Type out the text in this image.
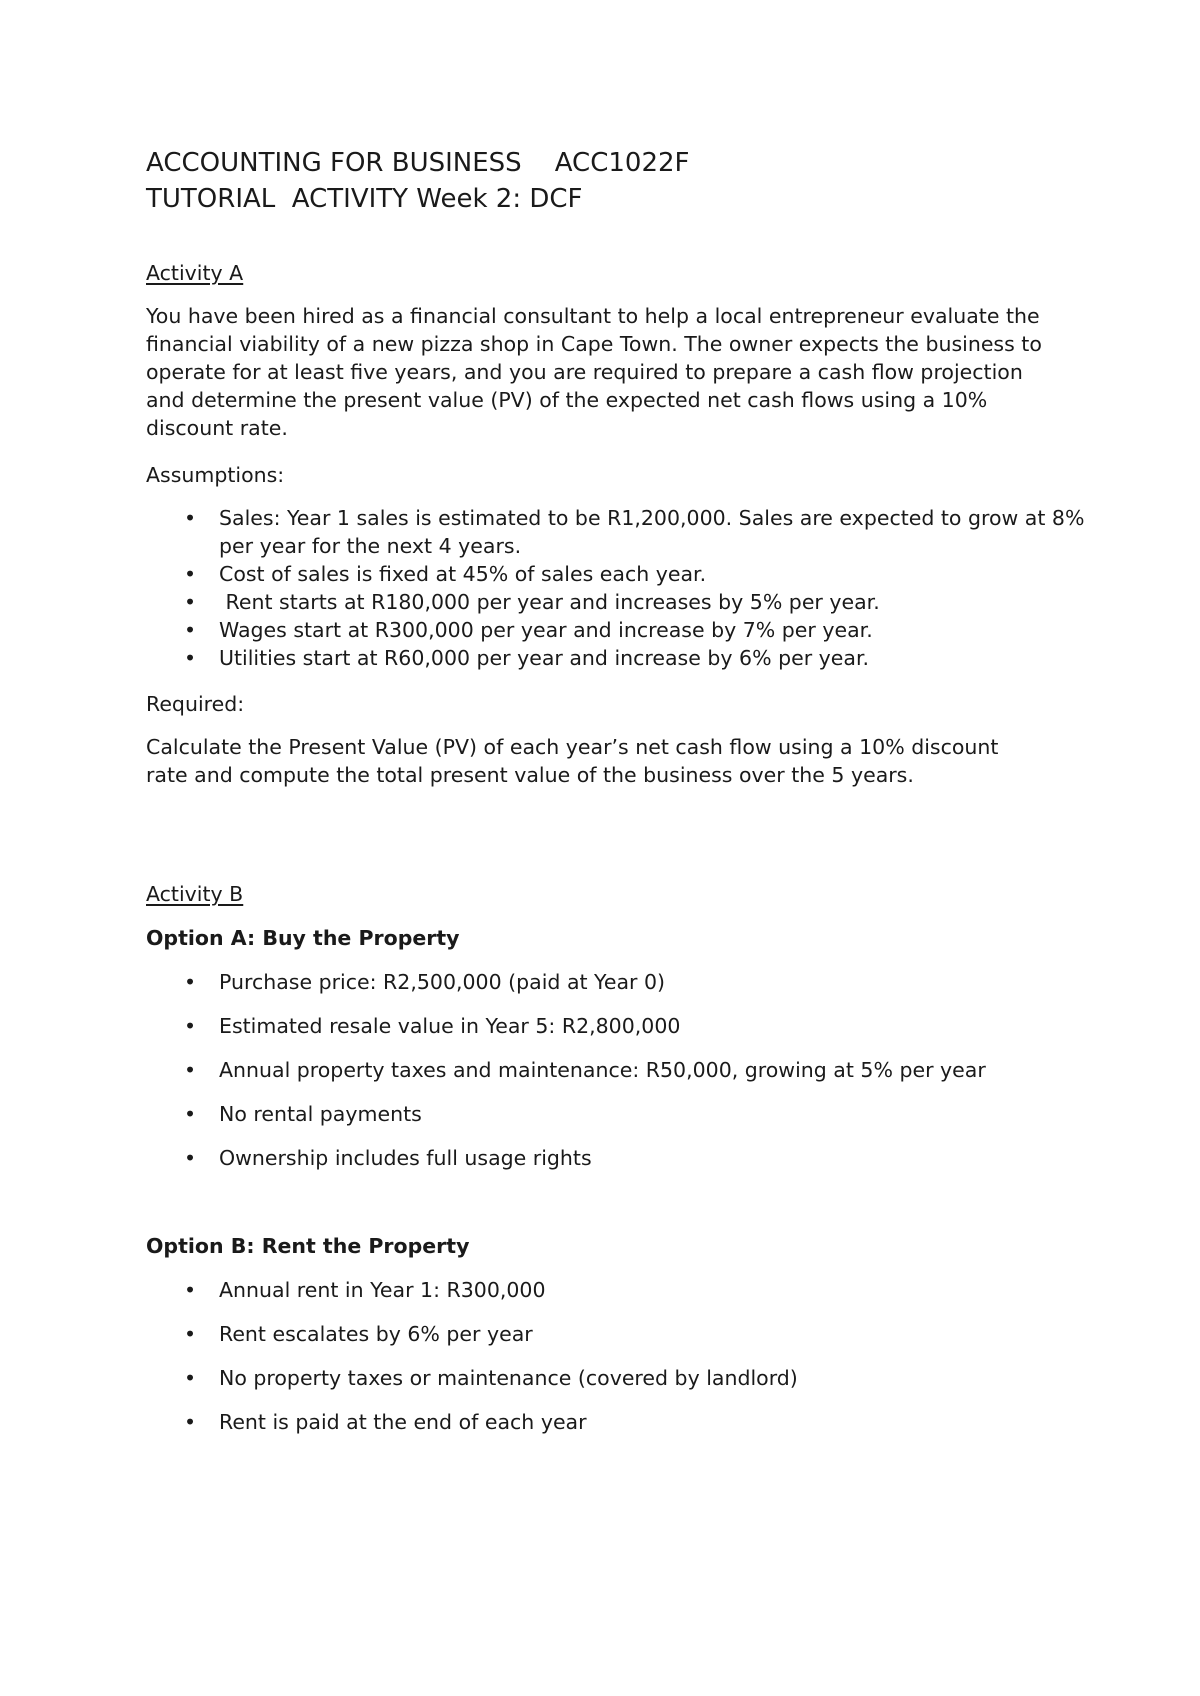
ACCOUNTING FOR BUSINESS    ACC1022F
TUTORIAL  ACTIVITY Week 2: DCF
Activity A
You have been hired as a financial consultant to help a local entrepreneur evaluate the financial viability of a new pizza shop in Cape Town. The owner expects the business to operate for at least five years, and you are required to prepare a cash flow projection and determine the present value (PV) of the expected net cash flows using a 10% discount rate.
Assumptions:
• Sales: Year 1 sales is estimated to be R1,200,000. Sales are expected to grow at 8% per year for the next 4 years.
• Cost of sales is fixed at 45% of sales each year.
• Rent starts at R180,000 per year and increases by 5% per year.
• Wages start at R300,000 per year and increase by 7% per year.
• Utilities start at R60,000 per year and increase by 6% per year.
Required:
Calculate the Present Value (PV) of each year’s net cash flow using a 10% discount rate and compute the total present value of the business over the 5 years.
Activity B
Option A: Buy the Property
• Purchase price: R2,500,000 (paid at Year 0)
• Estimated resale value in Year 5: R2,800,000
• Annual property taxes and maintenance: R50,000, growing at 5% per year
• No rental payments
• Ownership includes full usage rights
Option B: Rent the Property
• Annual rent in Year 1: R300,000
• Rent escalates by 6% per year
• No property taxes or maintenance (covered by landlord)
• Rent is paid at the end of each year
